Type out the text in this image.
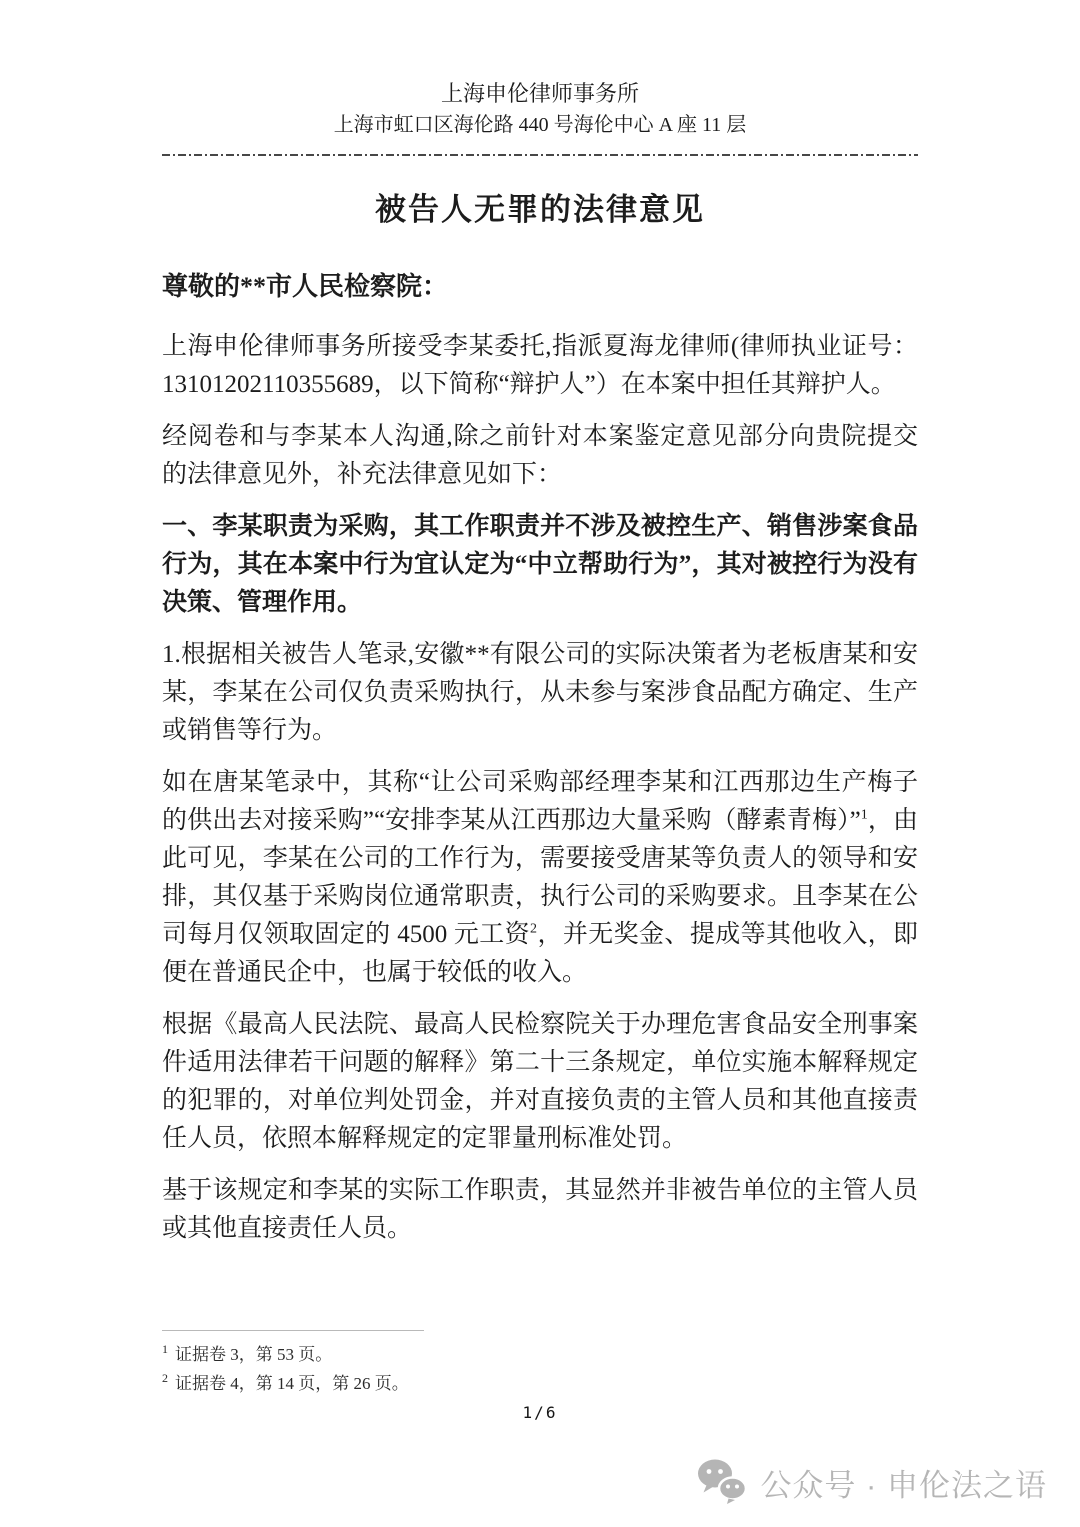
上海申伦律师事务所
上海市虹口区海伦路 440 号海伦中心 A 座 11 层
被告人无罪的法律意见
尊敬的**市人民检察院：

上海申伦律师事务所接受李某委托,指派夏海龙律师(律师执业证号：13101202110355689，以下简称“辩护人”）在本案中担任其辩护人。

经阅卷和与李某本人沟通,除之前针对本案鉴定意见部分向贵院提交的法律意见外，补充法律意见如下：

一、李某职责为采购，其工作职责并不涉及被控生产、销售涉案食品行为，其在本案中行为宜认定为“中立帮助行为”，其对被控行为没有决策、管理作用。

1.根据相关被告人笔录,安徽**有限公司的实际决策者为老板唐某和安某，李某在公司仅负责采购执行，从未参与案涉食品配方确定、生产或销售等行为。

如在唐某笔录中，其称“让公司采购部经理李某和江西那边生产梅子的供出去对接采购”“安排李某从江西那边大量采购（酵素青梅）”$^1$，由此可见，李某在公司的工作行为，需要接受唐某等负责人的领导和安排，其仅基于采购岗位通常职责，执行公司的采购要求。且李某在公司每月仅领取固定的 4500 元工资$^2$，并无奖金、提成等其他收入，即便在普通民企中，也属于较低的收入。

根据《最高人民法院、最高人民检察院关于办理危害食品安全刑事案件适用法律若干问题的解释》第二十三条规定，单位实施本解释规定的犯罪的，对单位判处罚金，并对直接负责的主管人员和其他直接责任人员，依照本解释规定的定罪量刑标准处罚。

基于该规定和李某的实际工作职责，其显然并非被告单位的主管人员或其他直接责任人员。

$^1$ 证据卷 3，第 53 页。
$^2$ 证据卷 4，第 14 页，第 26 页。
1/6
公众号 · 申伦法之语
